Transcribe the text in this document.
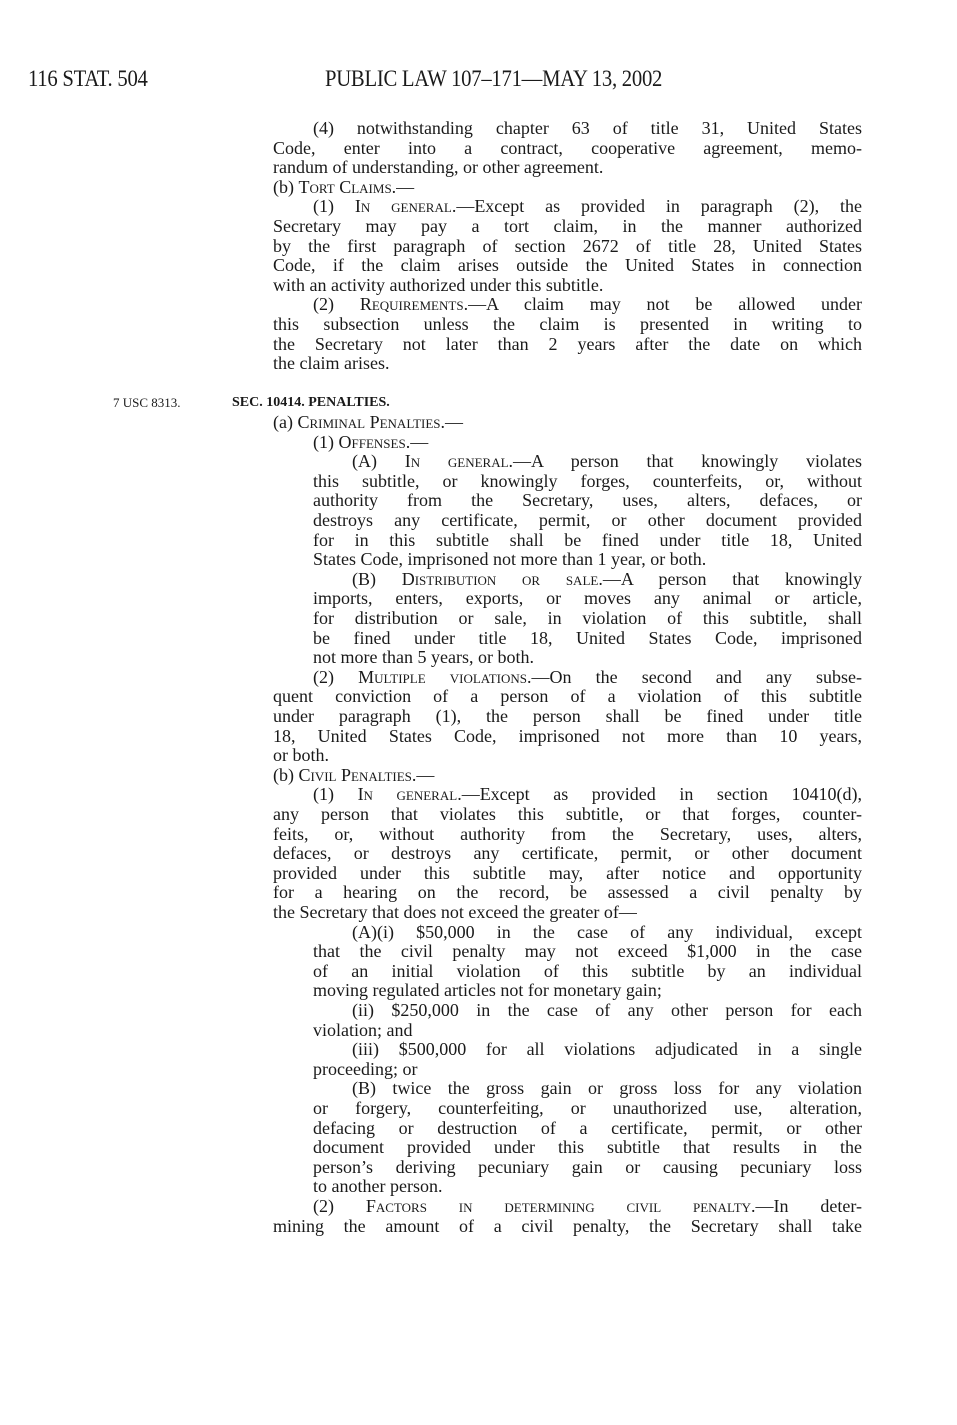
116 STAT. 504	PUBLIC LAW 107–171—MAY 13, 2002
7 USC 8313.	SEC. 10414. PENALTIES.
(4) notwithstanding chapter 63 of title 31, United States
Code, enter into a contract, cooperative agreement, memo-
randum of understanding, or other agreement.
(b) Tort Claims.—
(1) In general.—Except as provided in paragraph (2), the
Secretary may pay a tort claim, in the manner authorized
by the first paragraph of section 2672 of title 28, United States
Code, if the claim arises outside the United States in connection
with an activity authorized under this subtitle.
(2) Requirements.—A claim may not be allowed under
this subsection unless the claim is presented in writing to
the Secretary not later than 2 years after the date on which
the claim arises.
(a) Criminal Penalties.—
(1) Offenses.—
(A) In general.—A person that knowingly violates
this subtitle, or knowingly forges, counterfeits, or, without
authority from the Secretary, uses, alters, defaces, or
destroys any certificate, permit, or other document provided
for in this subtitle shall be fined under title 18, United
States Code, imprisoned not more than 1 year, or both.
(B) Distribution or sale.—A person that knowingly
imports, enters, exports, or moves any animal or article,
for distribution or sale, in violation of this subtitle, shall
be fined under title 18, United States Code, imprisoned
not more than 5 years, or both.
(2) Multiple violations.—On the second and any subse-
quent conviction of a person of a violation of this subtitle
under paragraph (1), the person shall be fined under title
18, United States Code, imprisoned not more than 10 years,
or both.
(b) Civil Penalties.—
(1) In general.—Except as provided in section 10410(d),
any person that violates this subtitle, or that forges, counter-
feits, or, without authority from the Secretary, uses, alters,
defaces, or destroys any certificate, permit, or other document
provided under this subtitle may, after notice and opportunity
for a hearing on the record, be assessed a civil penalty by
the Secretary that does not exceed the greater of—
(A)(i) $50,000 in the case of any individual, except
that the civil penalty may not exceed $1,000 in the case
of an initial violation of this subtitle by an individual
moving regulated articles not for monetary gain;
(ii) $250,000 in the case of any other person for each
violation; and
(iii) $500,000 for all violations adjudicated in a single
proceeding; or
(B) twice the gross gain or gross loss for any violation
or forgery, counterfeiting, or unauthorized use, alteration,
defacing or destruction of a certificate, permit, or other
document provided under this subtitle that results in the
person’s deriving pecuniary gain or causing pecuniary loss
to another person.
(2) Factors in determining civil penalty.—In deter-
mining the amount of a civil penalty, the Secretary shall take
